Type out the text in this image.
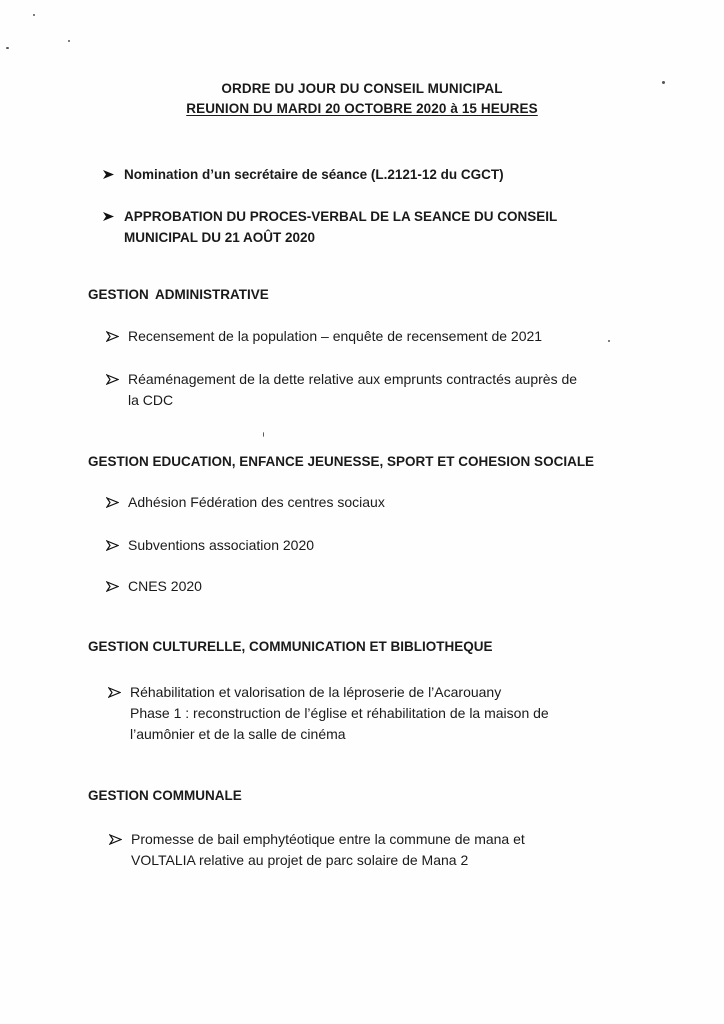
ORDRE DU JOUR DU CONSEIL MUNICIPAL
REUNION DU MARDI 20 OCTOBRE 2020 à 15 HEURES
Nomination d’un secrétaire de séance (L.2121-12 du CGCT)
APPROBATION DU PROCES-VERBAL DE LA SEANCE DU CONSEIL
MUNICIPAL DU 21 AOÛT 2020
GESTION ADMINISTRATIVE
Recensement de la population – enquête de recensement de 2021
Réaménagement de la dette relative aux emprunts contractés auprès de
la CDC
GESTION EDUCATION, ENFANCE JEUNESSE, SPORT ET COHESION SOCIALE
Adhésion Fédération des centres sociaux
Subventions association 2020
CNES 2020
GESTION CULTURELLE, COMMUNICATION ET BIBLIOTHEQUE
Réhabilitation et valorisation de la léproserie de l’Acarouany
Phase 1 : reconstruction de l’église et réhabilitation de la maison de
l’aumônier et de la salle de cinéma
GESTION COMMUNALE
Promesse de bail emphytéotique entre la commune de mana et
VOLTALIA relative au projet de parc solaire de Mana 2
